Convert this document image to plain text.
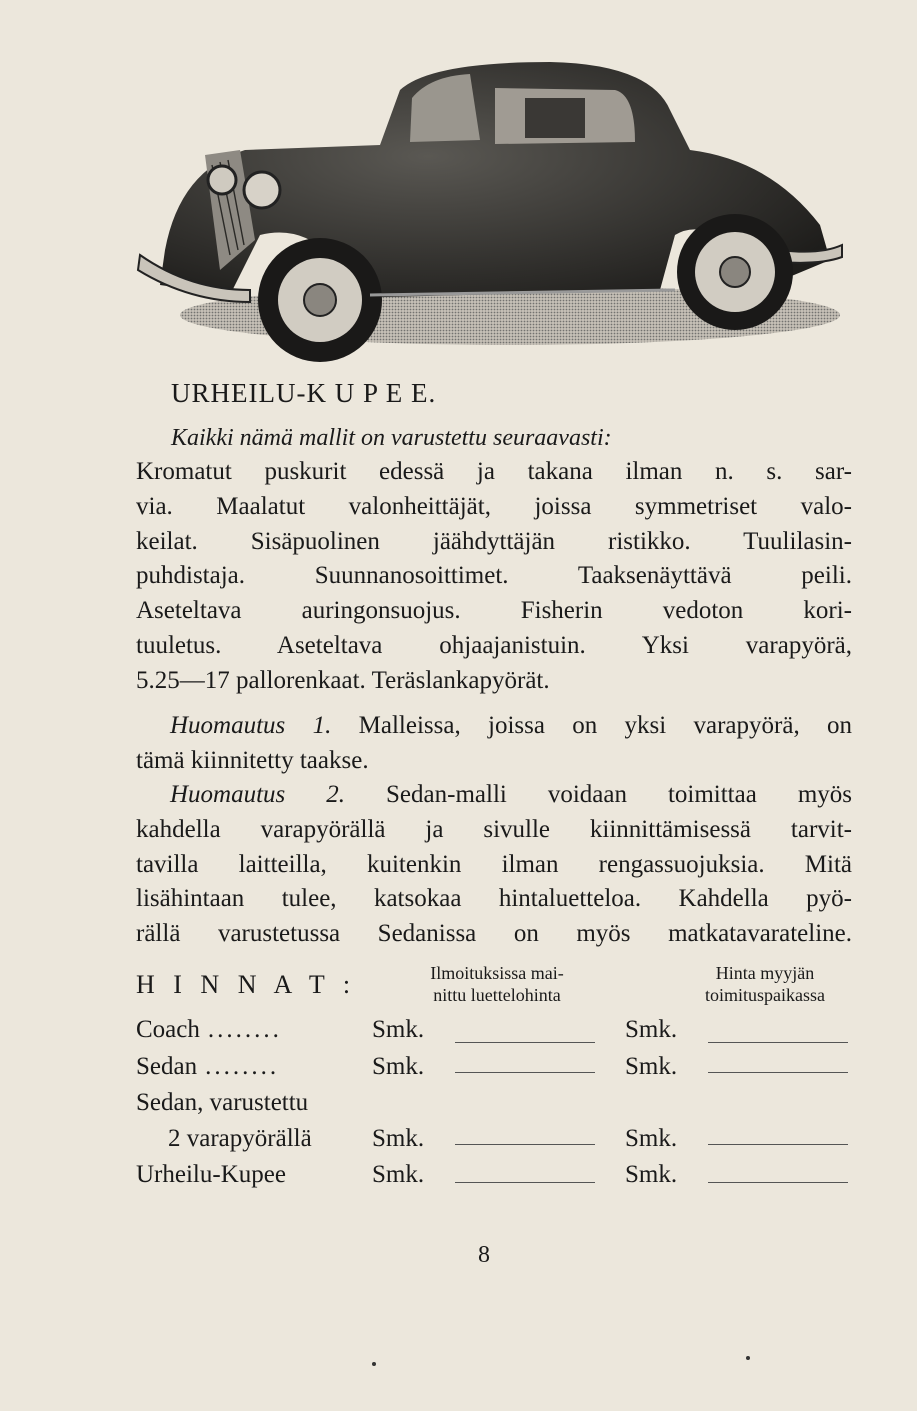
URHEILU-K U P E E.
Kaikki nämä mallit on varustettu seuraavasti:
Kromatut puskurit edessä ja takana ilman n. s. sar-
via. Maalatut valonheittäjät, joissa symmetriset valo-
keilat. Sisäpuolinen jäähdyttäjän ristikko. Tuulilasin-
puhdistaja. Suunnanosoittimet. Taaksenäyttävä peili.
Aseteltava auringonsuojus. Fisherin vedoton kori-
tuuletus. Aseteltava ohjaajanistuin. Yksi varapyörä,
5.25—17 pallorenkaat. Teräslankapyörät.
Huomautus 1. Malleissa, joissa on yksi varapyörä, on
tämä kiinnitetty taakse.
Huomautus 2. Sedan-malli voidaan toimittaa myös
kahdella varapyörällä ja sivulle kiinnittämisessä tarvit-
tavilla laitteilla, kuitenkin ilman rengassuojuksia. Mitä
lisähintaan tulee, katsokaa hintaluetteloa. Kahdella pyö-
rällä varustetussa Sedanissa on myös matkatavarateline.
H I N N A T :	Ilmoituksissa mai-
nittu luettelohinta
Hinta myyjän
toimituspaikassa
Coach ........	Smk.	Smk.
Sedan ........	Smk.	Smk.
Sedan, varustettu
2 varapyörällä Smk.	Smk.
Urheilu-Kupee	Smk.	Smk.
8
